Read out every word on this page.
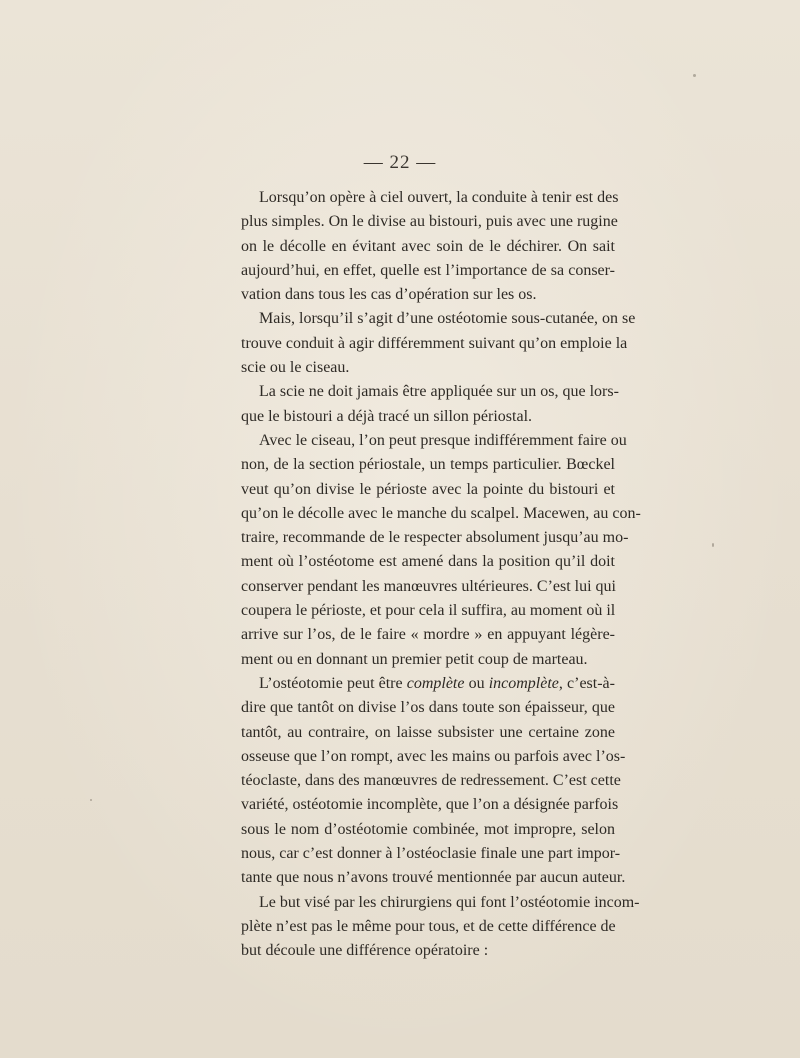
— 22 —
Lorsqu’on opère à ciel ouvert, la conduite à tenir est des
plus simples. On le divise au bistouri, puis avec une rugine
on le décolle en évitant avec soin de le déchirer. On sait
aujourd’hui, en effet, quelle est l’importance de sa conser-
vation dans tous les cas d’opération sur les os.
Mais, lorsqu’il s’agit d’une ostéotomie sous-cutanée, on se
trouve conduit à agir différemment suivant qu’on emploie la
scie ou le ciseau.
La scie ne doit jamais être appliquée sur un os, que lors-
que le bistouri a déjà tracé un sillon périostal.
Avec le ciseau, l’on peut presque indifféremment faire ou
non, de la section périostale, un temps particulier. Bœckel
veut qu’on divise le périoste avec la pointe du bistouri et
qu’on le décolle avec le manche du scalpel. Macewen, au con-
traire, recommande de le respecter absolument jusqu’au mo-
ment où l’ostéotome est amené dans la position qu’il doit
conserver pendant les manœuvres ultérieures. C’est lui qui
coupera le périoste, et pour cela il suffira, au moment où il
arrive sur l’os, de le faire « mordre » en appuyant légère-
ment ou en donnant un premier petit coup de marteau.
L’ostéotomie peut être complète ou incomplète, c’est-à-
dire que tantôt on divise l’os dans toute son épaisseur, que
tantôt, au contraire, on laisse subsister une certaine zone
osseuse que l’on rompt, avec les mains ou parfois avec l’os-
téoclaste, dans des manœuvres de redressement. C’est cette
variété, ostéotomie incomplète, que l’on a désignée parfois
sous le nom d’ostéotomie combinée, mot impropre, selon
nous, car c’est donner à l’ostéoclasie finale une part impor-
tante que nous n’avons trouvé mentionnée par aucun auteur.
Le but visé par les chirurgiens qui font l’ostéotomie incom-
plète n’est pas le même pour tous, et de cette différence de
but découle une différence opératoire :
